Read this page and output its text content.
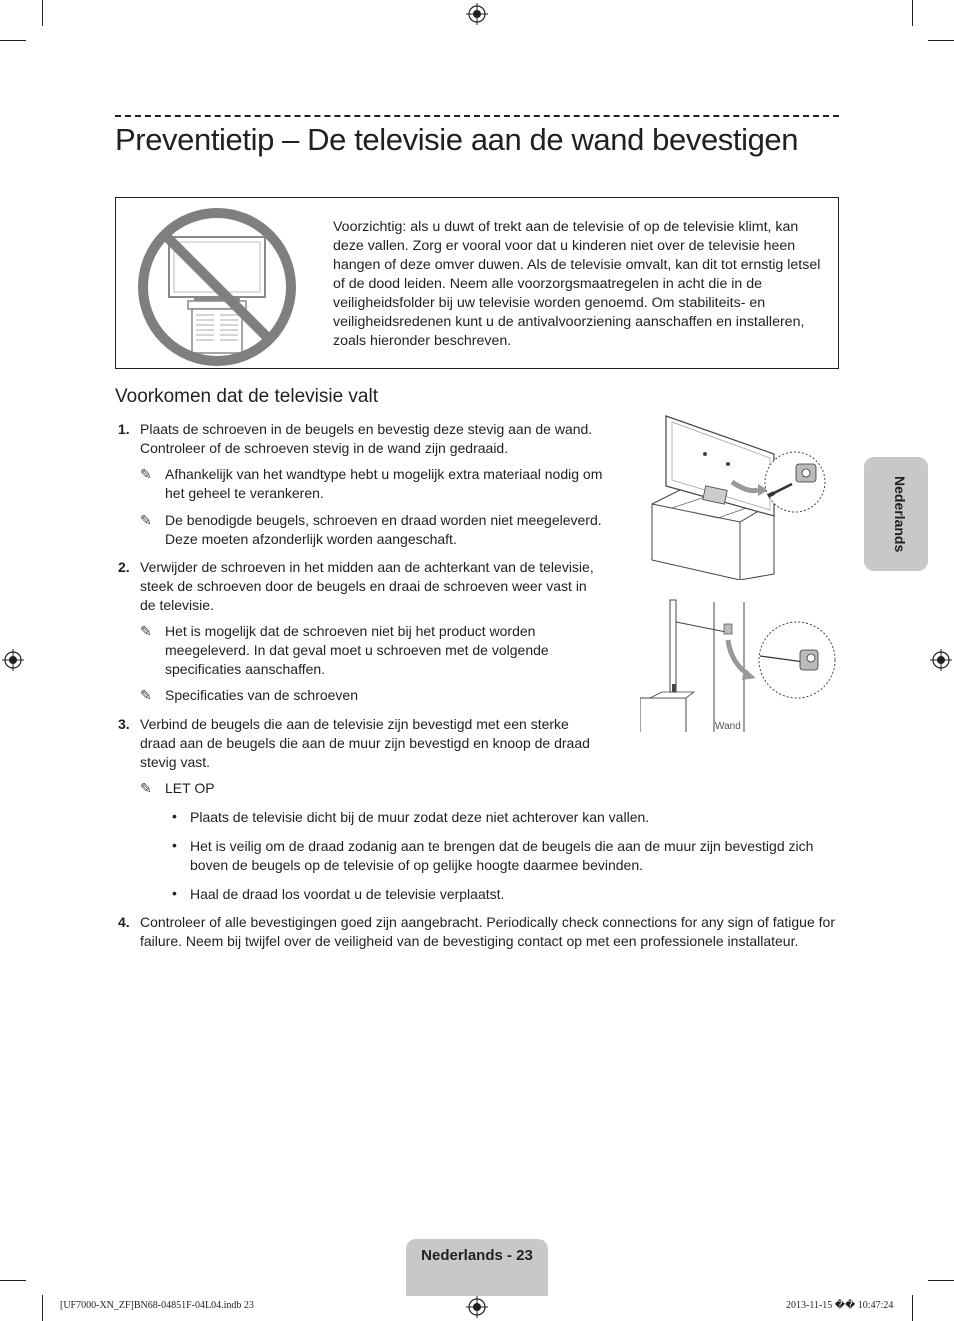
Preventietip – De televisie aan de wand bevestigen
Voorzichtig: als u duwt of trekt aan de televisie of op de televisie klimt, kan deze vallen. Zorg er vooral voor dat u kinderen niet over de televisie heen hangen of deze omver duwen. Als de televisie omvalt, kan dit tot ernstig letsel of de dood leiden. Neem alle voorzorgsmaatregelen in acht die in de veiligheidsfolder bij uw televisie worden genoemd. Om stabiliteits- en veiligheidsredenen kunt u de antivalvoorziening aanschaffen en installeren, zoals hieronder beschreven.
Voorkomen dat de televisie valt
1. Plaats de schroeven in de beugels en bevestig deze stevig aan de wand. Controleer of de schroeven stevig in de wand zijn gedraaid.
✎ Afhankelijk van het wandtype hebt u mogelijk extra materiaal nodig om het geheel te verankeren.
✎ De benodigde beugels, schroeven en draad worden niet meegeleverd. Deze moeten afzonderlijk worden aangeschaft.
2. Verwijder de schroeven in het midden aan de achterkant van de televisie, steek de schroeven door de beugels en draai de schroeven weer vast in de televisie.
✎ Het is mogelijk dat de schroeven niet bij het product worden meegeleverd. In dat geval moet u schroeven met de volgende specificaties aanschaffen.
✎ Specificaties van de schroeven
3. Verbind de beugels die aan de televisie zijn bevestigd met een sterke draad aan de beugels die aan de muur zijn bevestigd en knoop de draad stevig vast.
✎ LET OP
• Plaats de televisie dicht bij de muur zodat deze niet achterover kan vallen.
• Het is veilig om de draad zodanig aan te brengen dat de beugels die aan de muur zijn bevestigd zich boven de beugels op de televisie of op gelijke hoogte daarmee bevinden.
• Haal de draad los voordat u de televisie verplaatst.
4. Controleer of alle bevestigingen goed zijn aangebracht. Periodically check connections for any sign of fatigue for failure. Neem bij twijfel over de veiligheid van de bevestiging contact op met een professionele installateur.
Wand
Nederlands
Nederlands - 23
[UF7000-XN_ZF]BN68-04851F-04L04.indb 23	2013-11-15 �� 10:47:24
